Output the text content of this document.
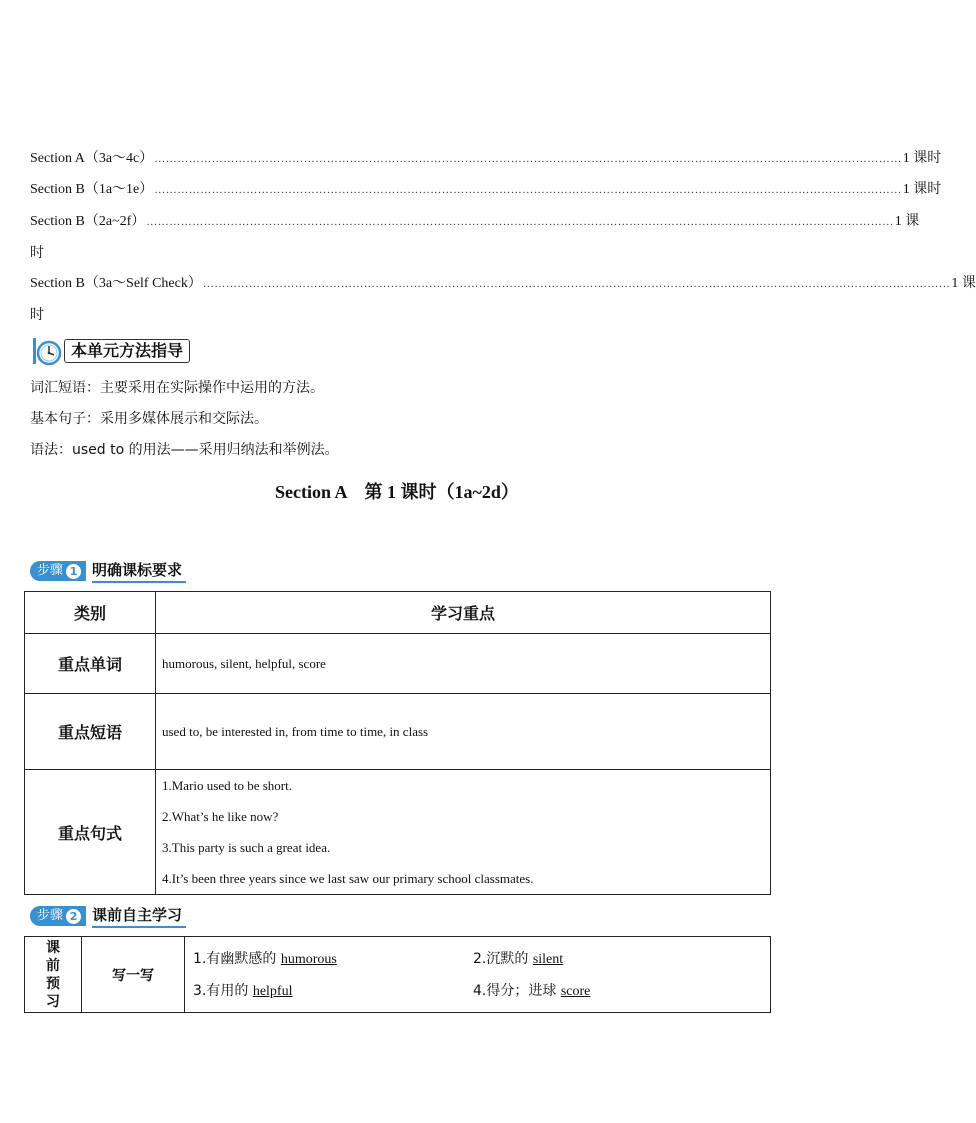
Section A（3a～4c） …………………………………………………………………………………………………………………………………………………………………………… 1 课时
Section B（1a～1e） …………………………………………………………………………………………………………………………………………………………………………… 1 课时
Section B（2a~2f） …………………………………………………………………………………………………………………………………………………………………………… 1 课
时
Section B（3a～Self Check） …………………………………………………………………………………………………………………………………………………………………………… 1 课
时
本单元方法指导
词汇短语：主要采用在实际操作中运用的方法。
基本句子：采用多媒体展示和交际法。
语法：used to 的用法——采用归纳法和举例法。
Section A　第 1 课时（1a~2d）
步骤 1 明确课标要求
类别	学习重点
重点单词	humorous, silent, helpful, score
重点短语	used to, be interested in, from time to time, in class
重点句式	1.Mario used to be short.
2.What’s he like now?
3.This party is such a great idea.
4.It’s been three years since we last saw our primary school classmates.
步骤 2 课前自主学习
课
前
预
习
	写一写	
1.有幽默感的 humorous	2.沉默的 silent
3.有用的 helpful	4.得分；进球 score
